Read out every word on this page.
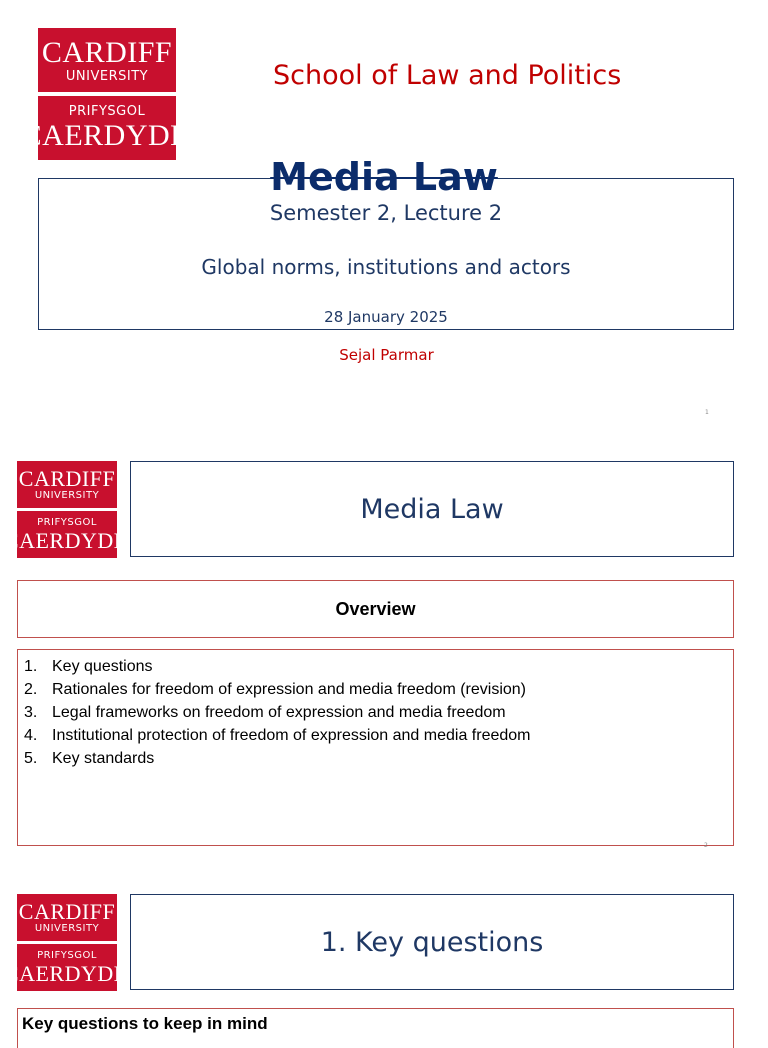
CARDIFF
UNIVERSITY
PRIFYSGOL
CAERDYDD
School of Law and Politics
Media Law
Semester 2, Lecture 2
Global norms, institutions and actors
28 January 2025
Sejal Parmar
1
CARDIFF
UNIVERSITY
PRIFYSGOL
CAERDYDD
Media Law
Overview
1. Key questions
2. Rationales for freedom of expression and media freedom (revision)
3. Legal frameworks on freedom of expression and media freedom
4. Institutional protection of freedom of expression and media freedom
5. Key standards
2
CARDIFF
UNIVERSITY
PRIFYSGOL
CAERDYDD
1. Key questions
Key questions to keep in mind
